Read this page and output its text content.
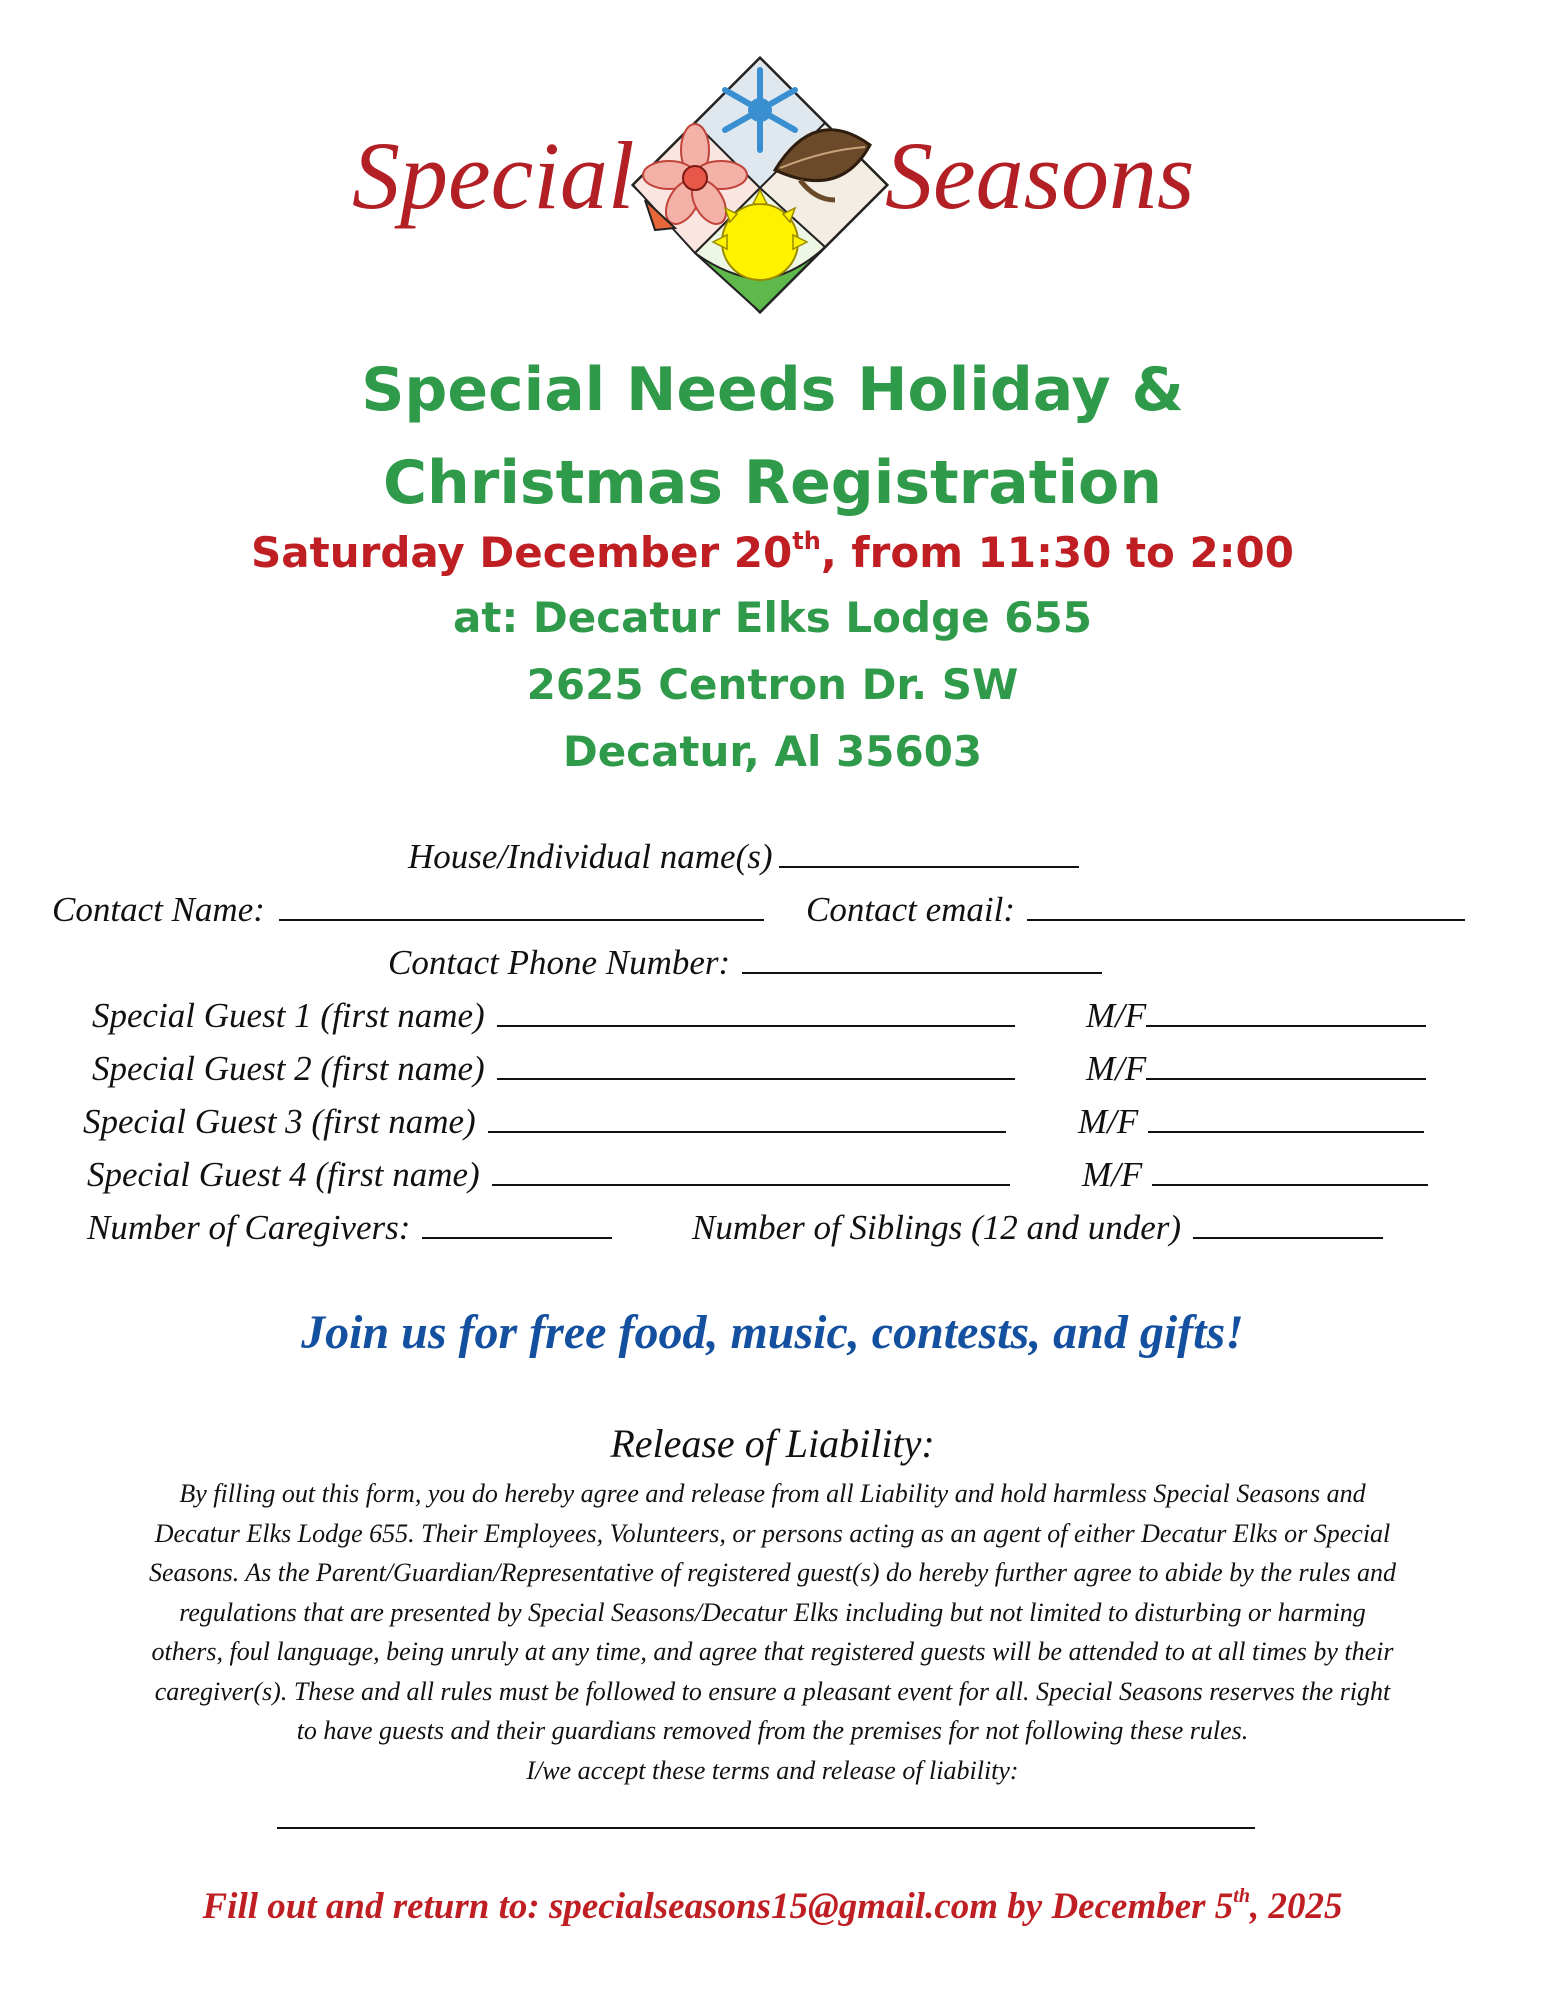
Special	Seasons
Special Needs Holiday &
Christmas Registration
Saturday December 20th, from 11:30 to 2:00
at: Decatur Elks Lodge 655
2625 Centron Dr. SW
Decatur, Al 35603
House/Individual name(s)
Contact Name:	Contact email:
Contact Phone Number:
Special Guest 1 (first name)	M/F
Special Guest 2 (first name)	M/F
Special Guest 3 (first name)	M/F
Special Guest 4 (first name)	M/F
Number of Caregivers:	Number of Siblings (12 and under)
Join us for free food, music, contests, and gifts!
Release of Liability:
By filling out this form, you do hereby agree and release from all Liability and hold harmless Special Seasons and
Decatur Elks Lodge 655. Their Employees, Volunteers, or persons acting as an agent of either Decatur Elks or Special
Seasons. As the Parent/Guardian/Representative of registered guest(s) do hereby further agree to abide by the rules and
regulations that are presented by Special Seasons/Decatur Elks including but not limited to disturbing or harming
others, foul language, being unruly at any time, and agree that registered guests will be attended to at all times by their
caregiver(s). These and all rules must be followed to ensure a pleasant event for all. Special Seasons reserves the right
to have guests and their guardians removed from the premises for not following these rules.
I/we accept these terms and release of liability:
Fill out and return to: specialseasons15@gmail.com by December 5th, 2025
